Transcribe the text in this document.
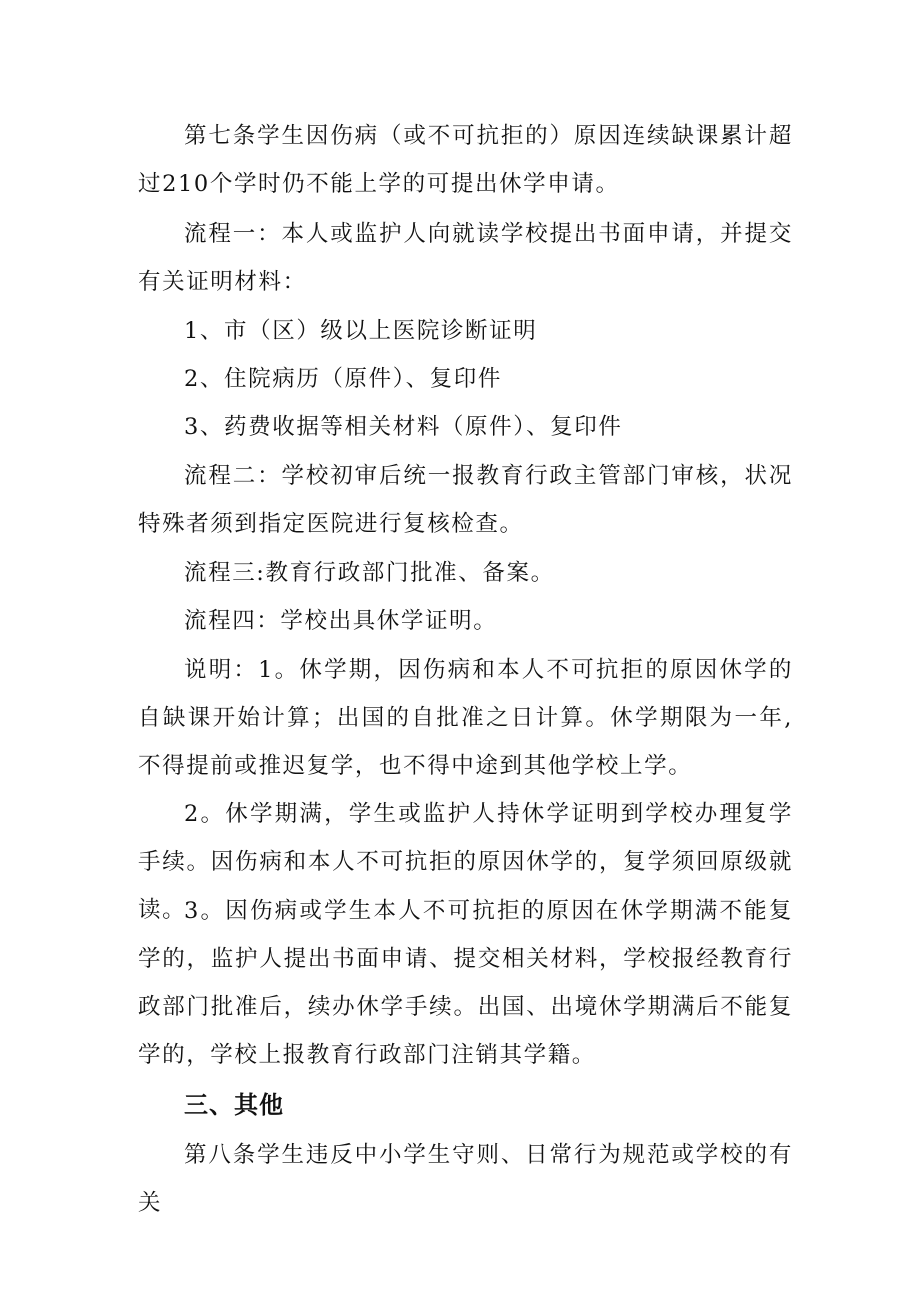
第七条学生因伤病（或不可抗拒的）原因连续缺课累计超过210个学时仍不能上学的可提出休学申请。

流程一：本人或监护人向就读学校提出书面申请，并提交有关证明材料：

1、市（区）级以上医院诊断证明

2、住院病历（原件）、复印件

3、药费收据等相关材料（原件）、复印件

流程二：学校初审后统一报教育行政主管部门审核，状况特殊者须到指定医院进行复核检查。

流程三:教育行政部门批准、备案。

流程四：学校出具休学证明。

说明：1。休学期，因伤病和本人不可抗拒的原因休学的自缺课开始计算；出国的自批准之日计算。休学期限为一年,不得提前或推迟复学，也不得中途到其他学校上学。

2。休学期满，学生或监护人持休学证明到学校办理复学手续。因伤病和本人不可抗拒的原因休学的，复学须回原级就读。

3。因伤病或学生本人不可抗拒的原因在休学期满不能复学的，监护人提出书面申请、提交相关材料，学校报经教育行政部门批准后，续办休学手续。出国、出境休学期满后不能复学的，学校上报教育行政部门注销其学籍。

三、其他

第八条学生违反中小学生守则、日常行为规范或学校的有关
